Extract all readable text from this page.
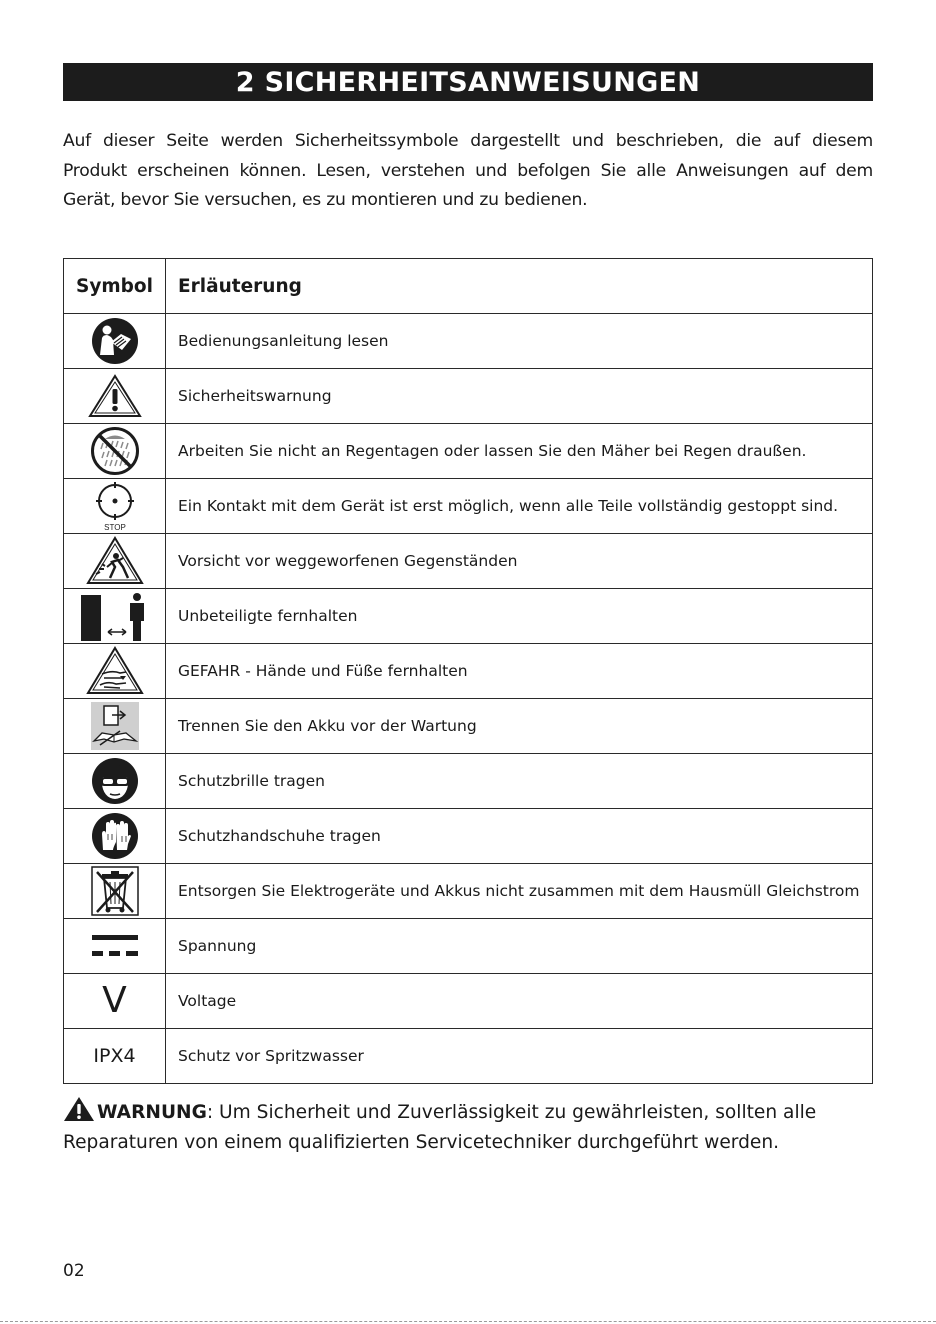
2 SICHERHEITSANWEISUNGEN

Auf dieser Seite werden Sicherheitssymbole dargestellt und beschrieben, die auf diesem Produkt erscheinen können. Lesen, verstehen und befolgen Sie alle Anweisungen auf dem Gerät, bevor Sie versuchen, es zu montieren und zu bedienen.

Symbol	Erläuterung

	Bedienungsanleitung lesen

	Sicherheitswarnung

	Arbeiten Sie nicht an Regentagen oder lassen Sie den Mäher bei Regen draußen.

STOP	Ein Kontakt mit dem Gerät ist erst möglich, wenn alle Teile vollständig gestoppt sind.

	Vorsicht vor weggeworfenen Gegenständen

	Unbeteiligte fernhalten

	GEFAHR - Hände und Füße fernhalten

	Trennen Sie den Akku vor der Wartung

	Schutzbrille tragen

	Schutzhandschuhe tragen

	Entsorgen Sie Elektrogeräte und Akkus nicht zusammen mit dem Hausmüll Gleichstrom

	Spannung
V	Voltage
IPX4	Schutz vor Spritzwasser

WARNUNG: Um Sicherheit und Zuverlässigkeit zu gewährleisten, sollten alle Reparaturen von einem qualifizierten Servicetechniker durchgeführt werden.

02
